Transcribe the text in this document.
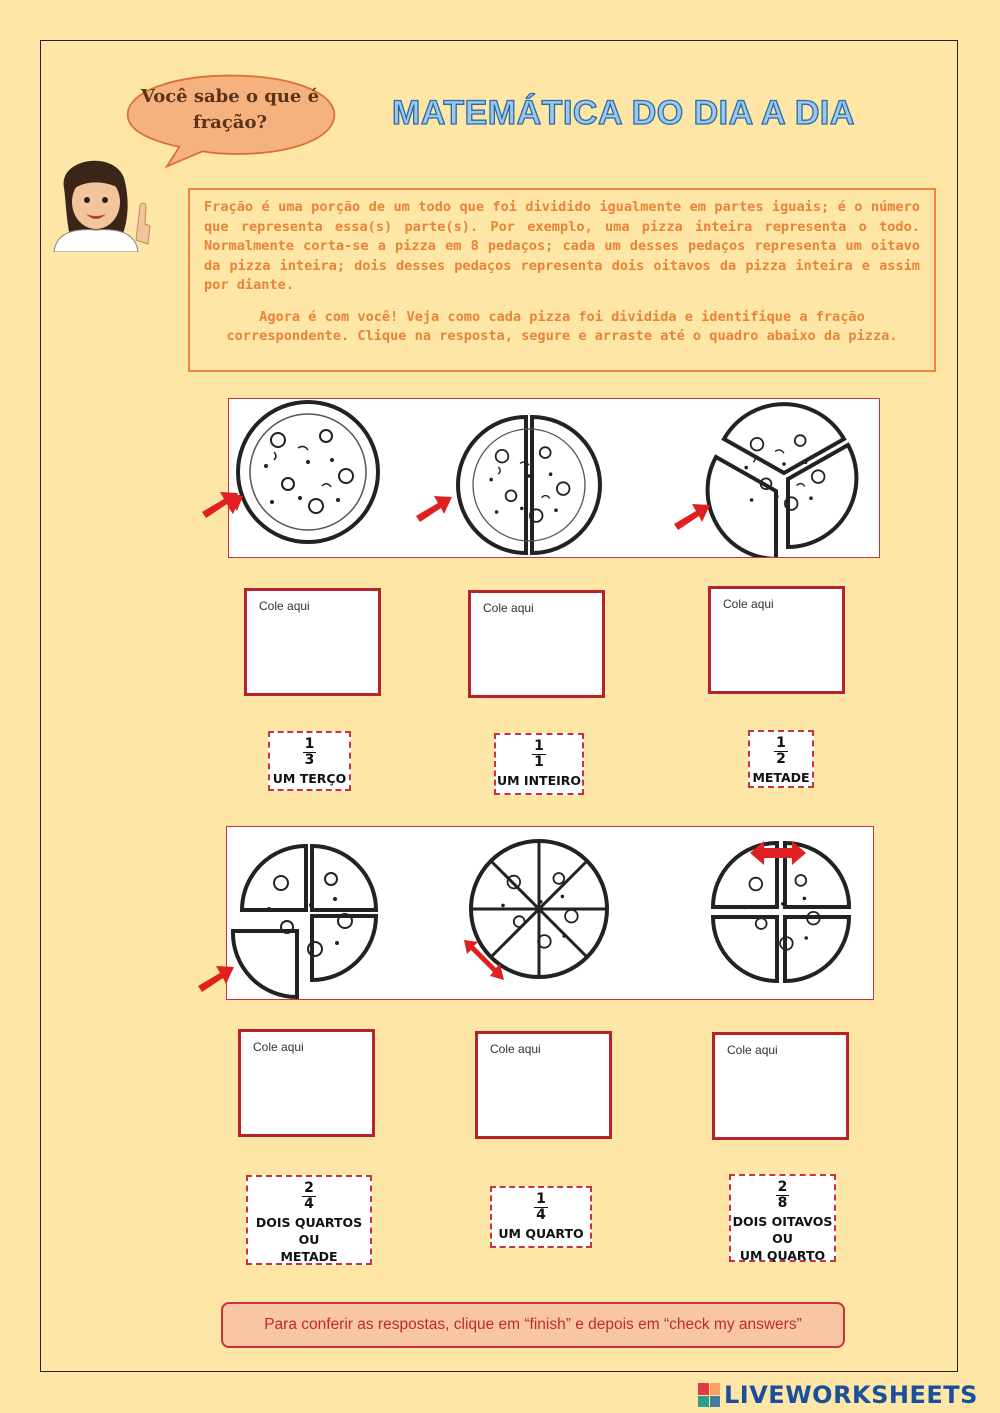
Você sabe o que é fração?	MATEMÁTICA DO DIA A DIA

Fração é uma porção de um todo que foi dividido igualmente em partes iguais; é o número que representa essa(s) parte(s). Por exemplo, uma pizza inteira representa o todo. Normalmente corta-se a pizza em 8 pedaços; cada um desses pedaços representa um oitavo da pizza inteira; dois desses pedaços representa dois oitavos da pizza inteira e assim por diante.

Agora é com você! Veja como cada pizza foi dividida e identifique a fração correspondente. Clique na resposta, segure e arraste até o quadro abaixo da pizza.

Cole aqui	Cole aqui	Cole aqui
$\frac{1}{3}$
UM TERÇO
$\frac{1}{1}$
UM INTEIRO
$\frac{1}{2}$
METADE
Cole aqui	Cole aqui	Cole aqui
$\frac{2}{4}$
DOIS QUARTOS
OU
METADE
$\frac{1}{4}$
UM QUARTO
$\frac{2}{8}$
DOIS OITAVOS
OU
UM QUARTO
Para conferir as respostas, clique em “finish” e depois em “check my answers”
LIVEWORKSHEETS
